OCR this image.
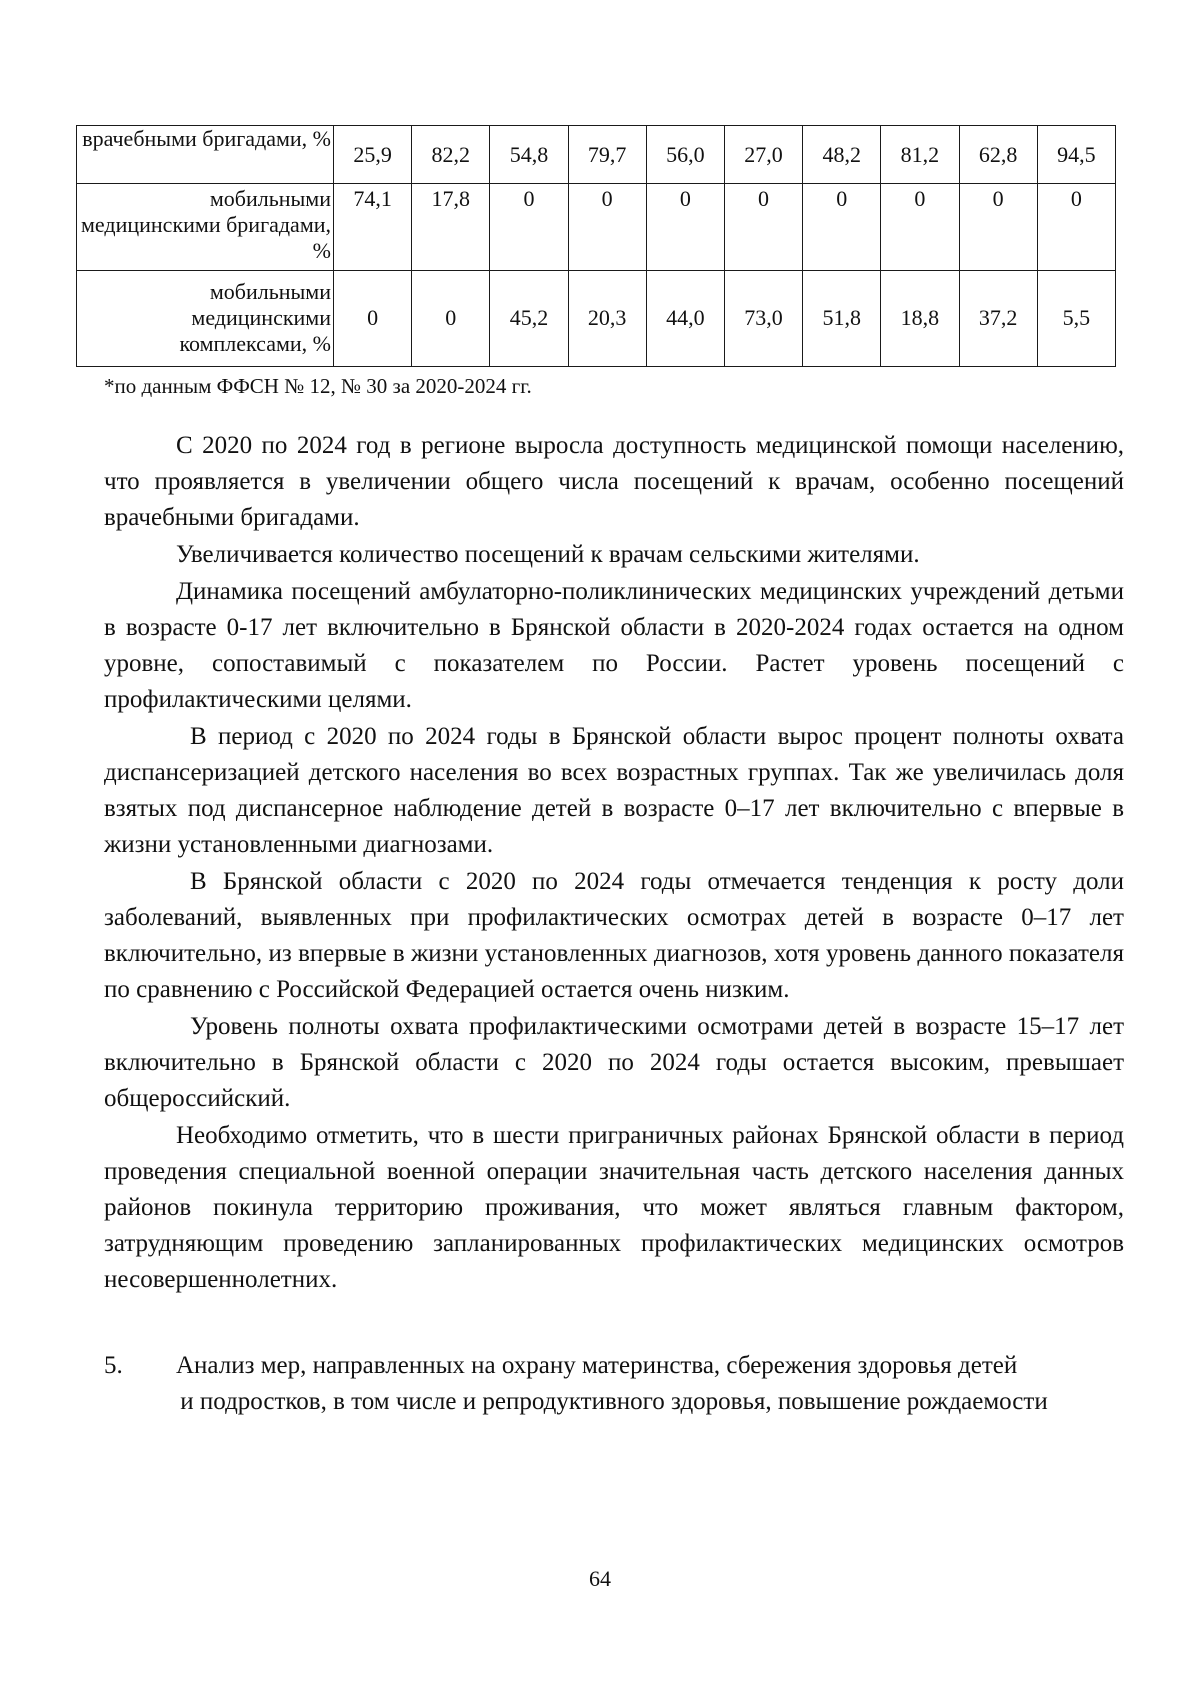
врачебными бригадами, %	25,9	82,2	54,8	79,7	56,0	27,0	48,2	81,2	62,8	94,5
мобильными медицинскими бригадами, %	74,1	17,8	0	0	0	0	0	0	0	0
мобильными медицинскими комплексами, %	0	0	45,2	20,3	44,0	73,0	51,8	18,8	37,2	5,5
*по данным ФФСН № 12, № 30 за 2020-2024 гг.

С 2020 по 2024 год в регионе выросла доступность медицинской помощи населению, что проявляется в увеличении общего числа посещений к врачам, особенно посещений врачебными бригадами.

Увеличивается количество посещений к врачам сельскими жителями.

Динамика посещений амбулаторно-поликлинических медицинских учреждений детьми в возрасте 0-17 лет включительно в Брянской области в 2020-2024 годах остается на одном уровне, сопоставимый с показателем по России. Растет уровень посещений с профилактическими целями.

В период с 2020 по 2024 годы в Брянской области вырос процент полноты охвата диспансеризацией детского населения во всех возрастных группах. Так же увеличилась доля взятых под диспансерное наблюдение детей в возрасте 0–17 лет включительно с впервые в жизни установленными диагнозами.

В Брянской области с 2020 по 2024 годы отмечается тенденция к росту доли заболеваний, выявленных при профилактических осмотрах детей в возрасте 0–17 лет включительно, из впервые в жизни установленных диагнозов, хотя уровень данного показателя по сравнению с Российской Федерацией остается очень низким.

Уровень полноты охвата профилактическими осмотрами детей в возрасте 15–17 лет включительно в Брянской области с 2020 по 2024 годы остается высоким, превышает общероссийский.

Необходимо отметить, что в шести приграничных районах Брянской области в период проведения специальной военной операции значительная часть детского населения данных районов покинула территорию проживания, что может являться главным фактором, затрудняющим проведению запланированных профилактических медицинских осмотров несовершеннолетних.

5. Анализ мер, направленных на охрану материнства, сбережения здоровья детей
и подростков, в том числе и репродуктивного здоровья, повышение рождаемости
64
